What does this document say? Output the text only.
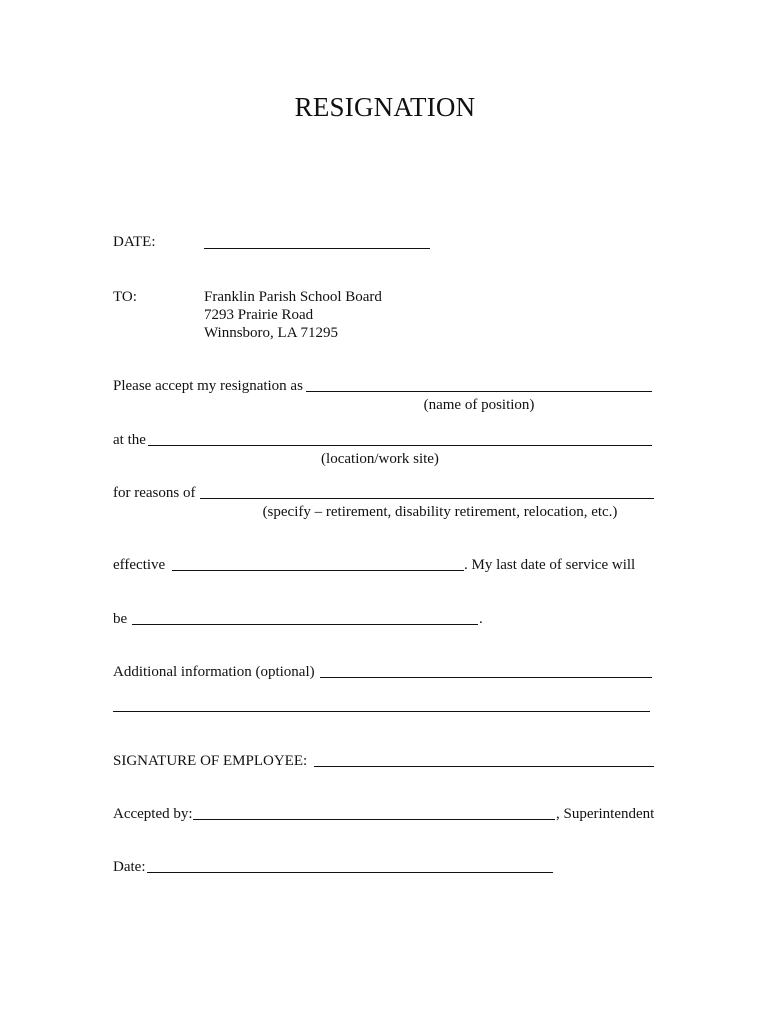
RESIGNATION
DATE:
TO:	Franklin Parish School Board
7293 Prairie Road
Winnsboro, LA 71295
Please accept my resignation as
(name of position)
at the
(location/work site)
for reasons of
(specify – retirement, disability retirement, relocation, etc.)
effective	. My last date of service will
be	.
Additional information (optional)
SIGNATURE OF EMPLOYEE:
Accepted by:	, Superintendent
Date:
